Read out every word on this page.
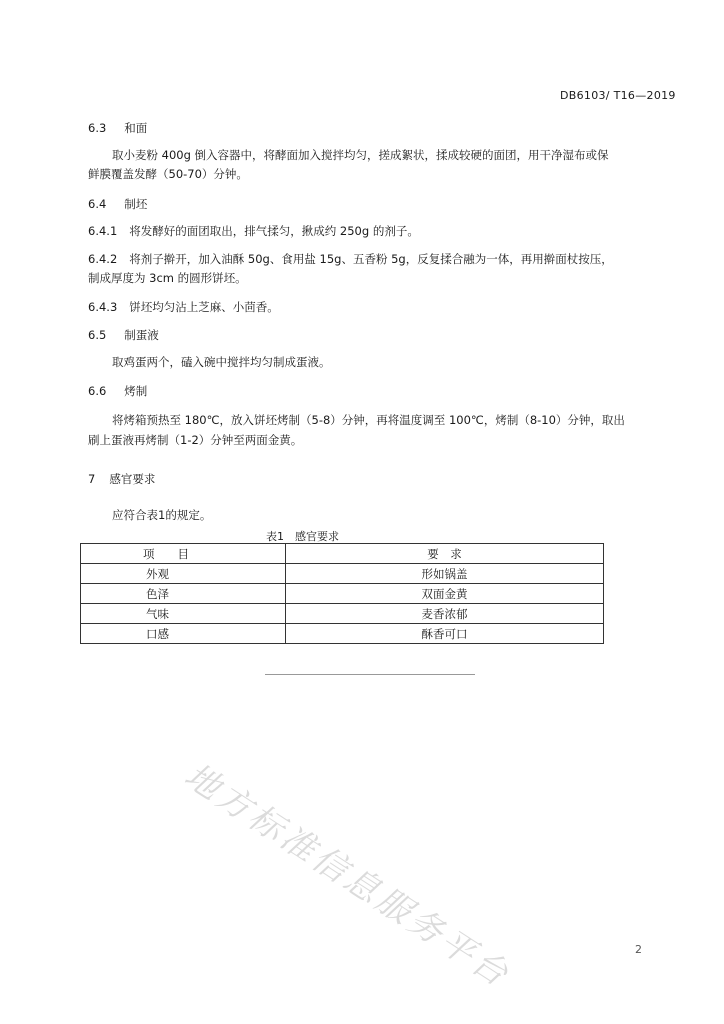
DB6103/ T16—2019
6.3 和面
取小麦粉 400g 倒入容器中，将酵面加入搅拌均匀，搓成絮状，揉成较硬的面团，用干净湿布或保
鲜膜覆盖发酵（50-70）分钟。
6.4 制坯
6.4.1 将发酵好的面团取出，排气揉匀，揪成约 250g 的剂子。
6.4.2 将剂子擀开，加入油酥 50g、食用盐 15g、五香粉 5g，反复揉合融为一体，再用擀面杖按压，
制成厚度为 3cm 的圆形饼坯。
6.4.3 饼坯均匀沾上芝麻、小茴香。
6.5 制蛋液
取鸡蛋两个，磕入碗中搅拌均匀制成蛋液。
6.6 烤制
将烤箱预热至 180℃，放入饼坯烤制（5-8）分钟，再将温度调至 100℃，烤制（8-10）分钟，取出
刷上蛋液再烤制（1-2）分钟至两面金黄。
7 感官要求
应符合表1的规定。
表1　感官要求
项　　目	要　求
外观	形如锅盖
色泽	双面金黄
气味	麦香浓郁
口感	酥香可口
地方标准信息服务平台	2
